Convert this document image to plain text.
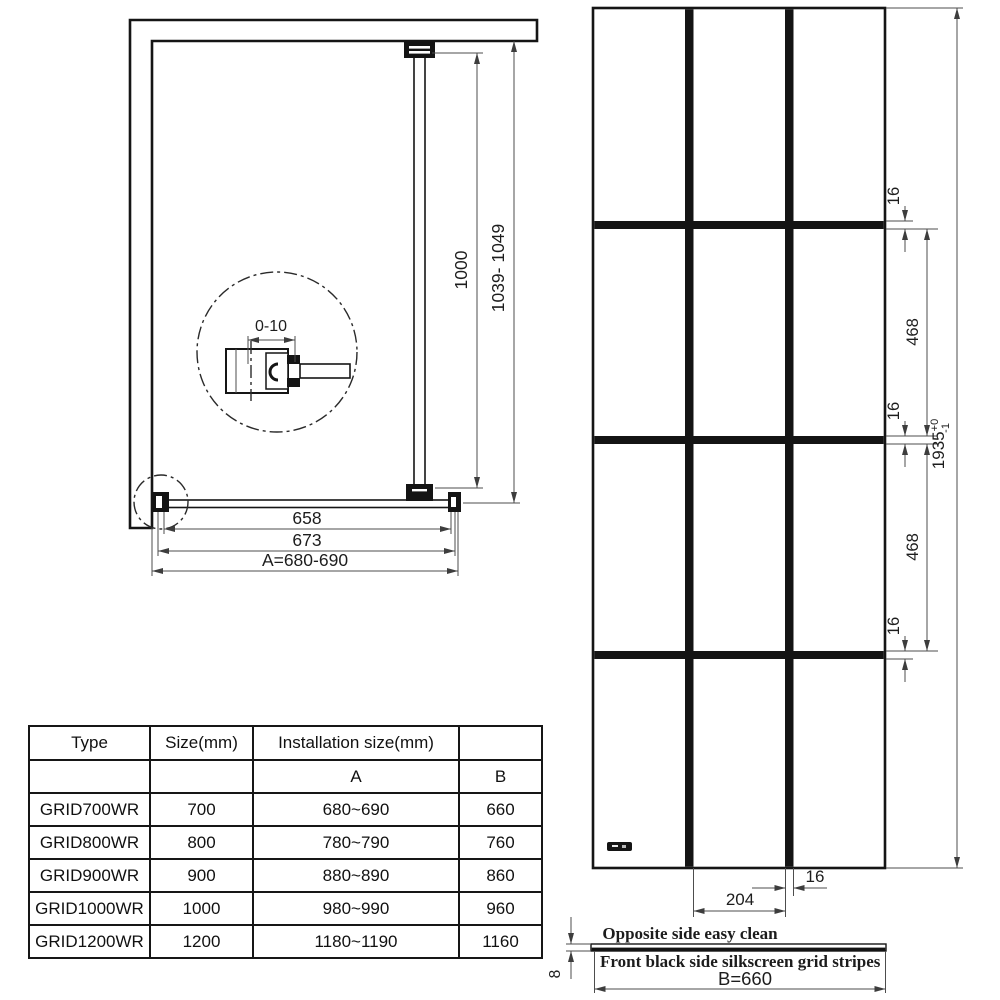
0-10
658
673
A=680-690
1000 1039- 1049
16
468
16
468
16
$1935^{+0}-1$
16
204
Opposite side easy clean
Front black side silkscreen grid stripes
B=660
8
Type	Size(mm)	Installation size(mm)	
		A	B
GRID700WR	700	680~690	660
GRID800WR	800	780~790	760
GRID900WR	900	880~890	860
GRID1000WR	1000	980~990	960
GRID1200WR	1200	1180~1190	1160
